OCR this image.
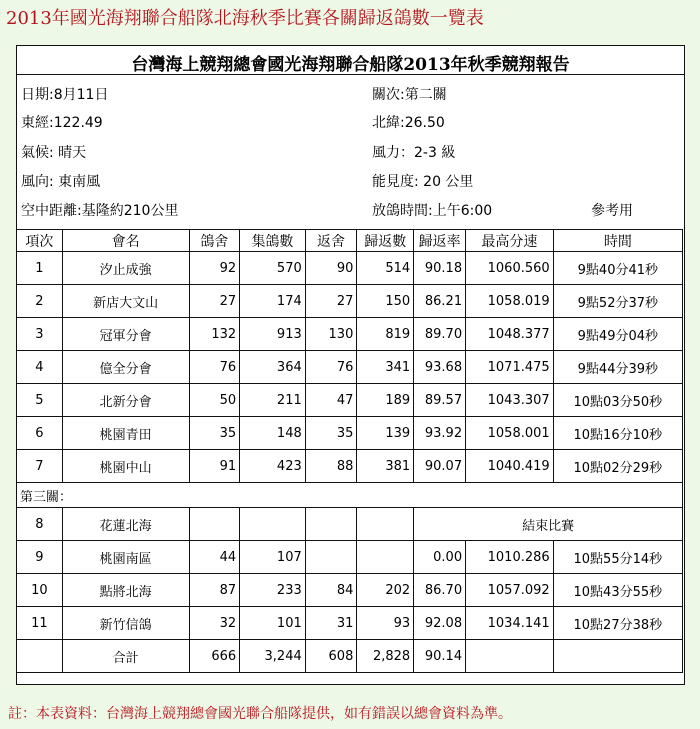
2013年國光海翔聯合船隊北海秋季比賽各關歸返鴿數一覽表
台灣海上競翔總會國光海翔聯合船隊2013年秋季競翔報告
日期:8月11日	關次:第二關
東經:122.49	北緯:26.50
氣候: 晴天	風力：2-3 級
風向: 東南風	能見度: 20 公里
空中距離:基隆約210公里	放鴿時間:上午6:00	參考用
項次	會名	鴿舍	集鴿數	返舍	歸返數	歸返率	最高分速	時間
1	汐止成強	92	570	90	514	90.18	1060.560	9點40分41秒
2	新店大文山	27	174	27	150	86.21	1058.019	9點52分37秒
3	冠軍分會	132	913	130	819	89.70	1048.377	9點49分04秒
4	億全分會	76	364	76	341	93.68	1071.475	9點44分39秒
5	北新分會	50	211	47	189	89.57	1043.307	10點03分50秒
6	桃園青田	35	148	35	139	93.92	1058.001	10點16分10秒
7	桃園中山	91	423	88	381	90.07	1040.419	10點02分29秒
第三關：								
8	花蓮北海					結束比賽		
9	桃園南區	44	107			0.00	1010.286	10點55分14秒
10	點將北海	87	233	84	202	86.70	1057.092	10點43分55秒
11	新竹信鴿	32	101	31	93	92.08	1034.141	10點27分38秒
	合計	666	3,244	608	2,828	90.14		
註：本表資料：台灣海上競翔總會國光聯合船隊提供，如有錯誤以總會資料為準。
